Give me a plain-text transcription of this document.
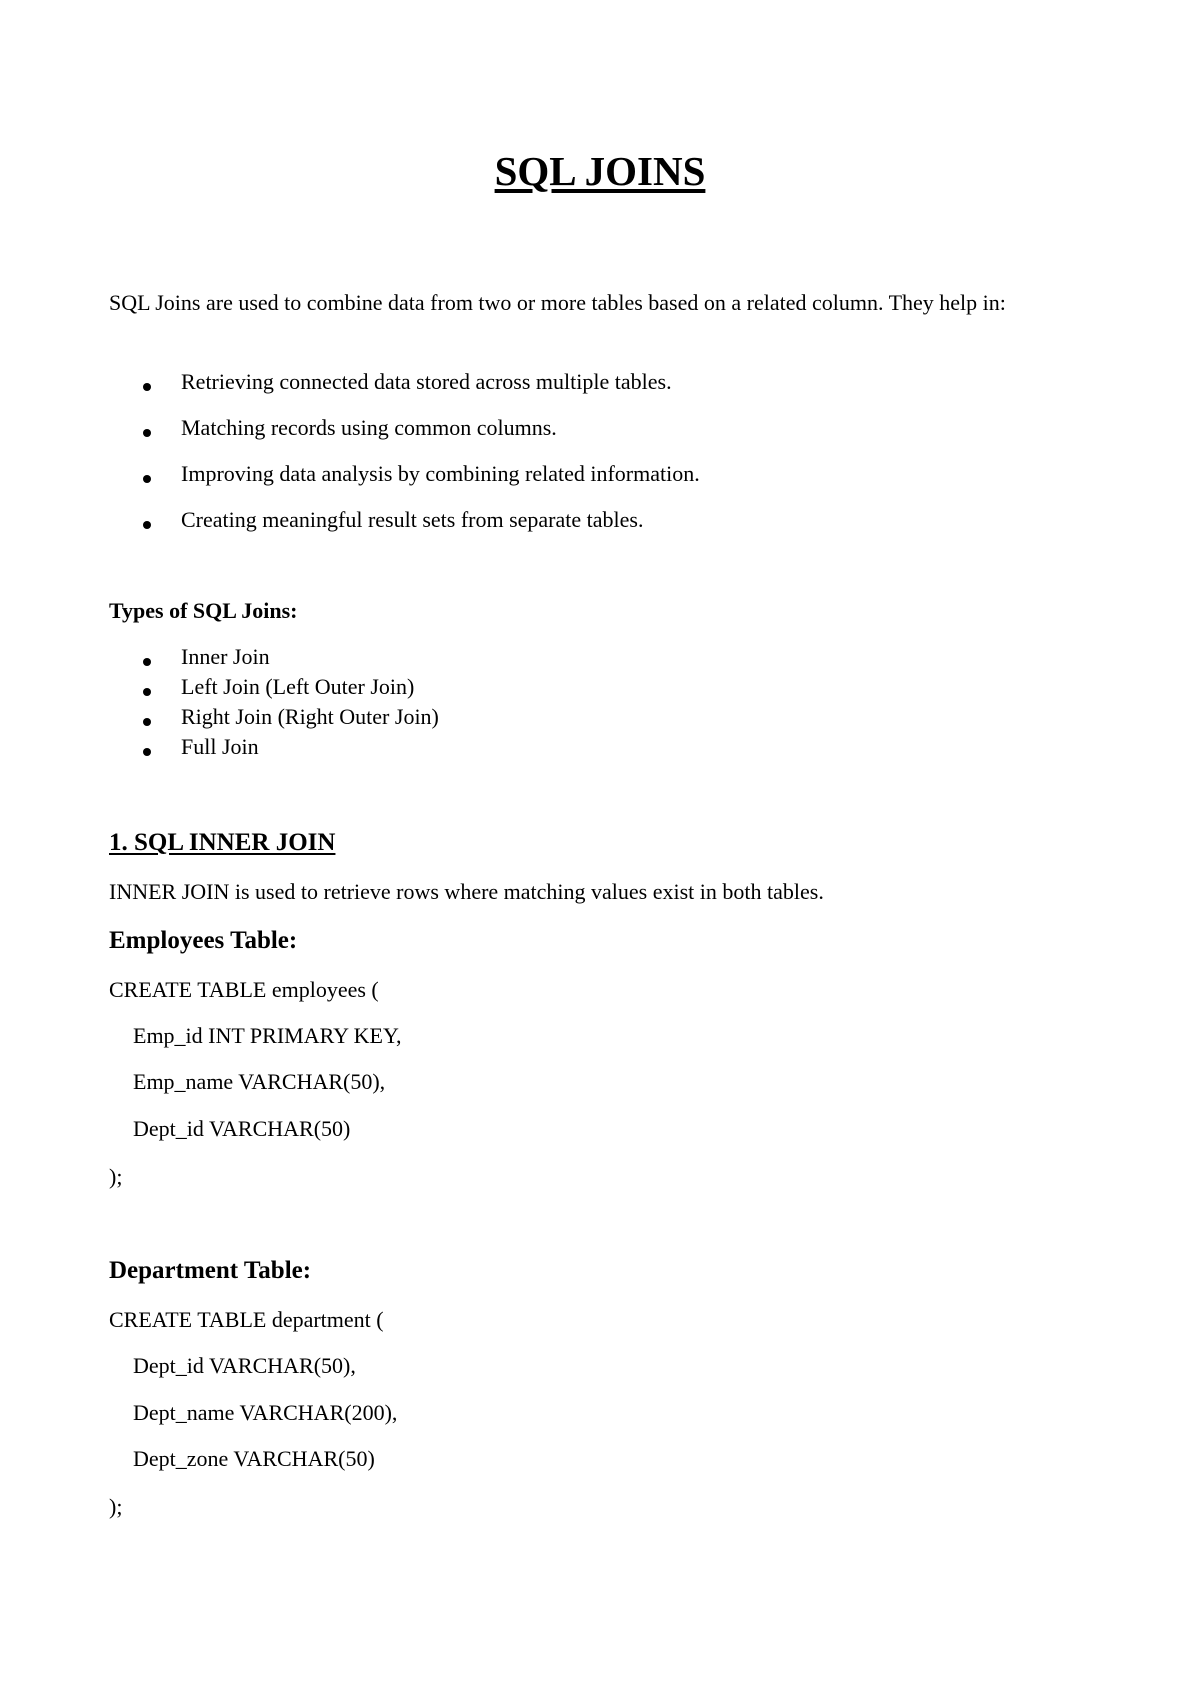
SQL JOINS
SQL Joins are used to combine data from two or more tables based on a related column. They help in:
Retrieving connected data stored across multiple tables.
Matching records using common columns.
Improving data analysis by combining related information.
Creating meaningful result sets from separate tables.
Types of SQL Joins:
Inner Join
Left Join (Left Outer Join)
Right Join (Right Outer Join)
Full Join
1. SQL INNER JOIN
INNER JOIN is used to retrieve rows where matching values exist in both tables.
Employees Table:
CREATE TABLE employees (
Emp_id INT PRIMARY KEY,
Emp_name VARCHAR(50),
Dept_id VARCHAR(50)
);
Department Table:
CREATE TABLE department (
Dept_id VARCHAR(50),
Dept_name VARCHAR(200),
Dept_zone VARCHAR(50)
);
